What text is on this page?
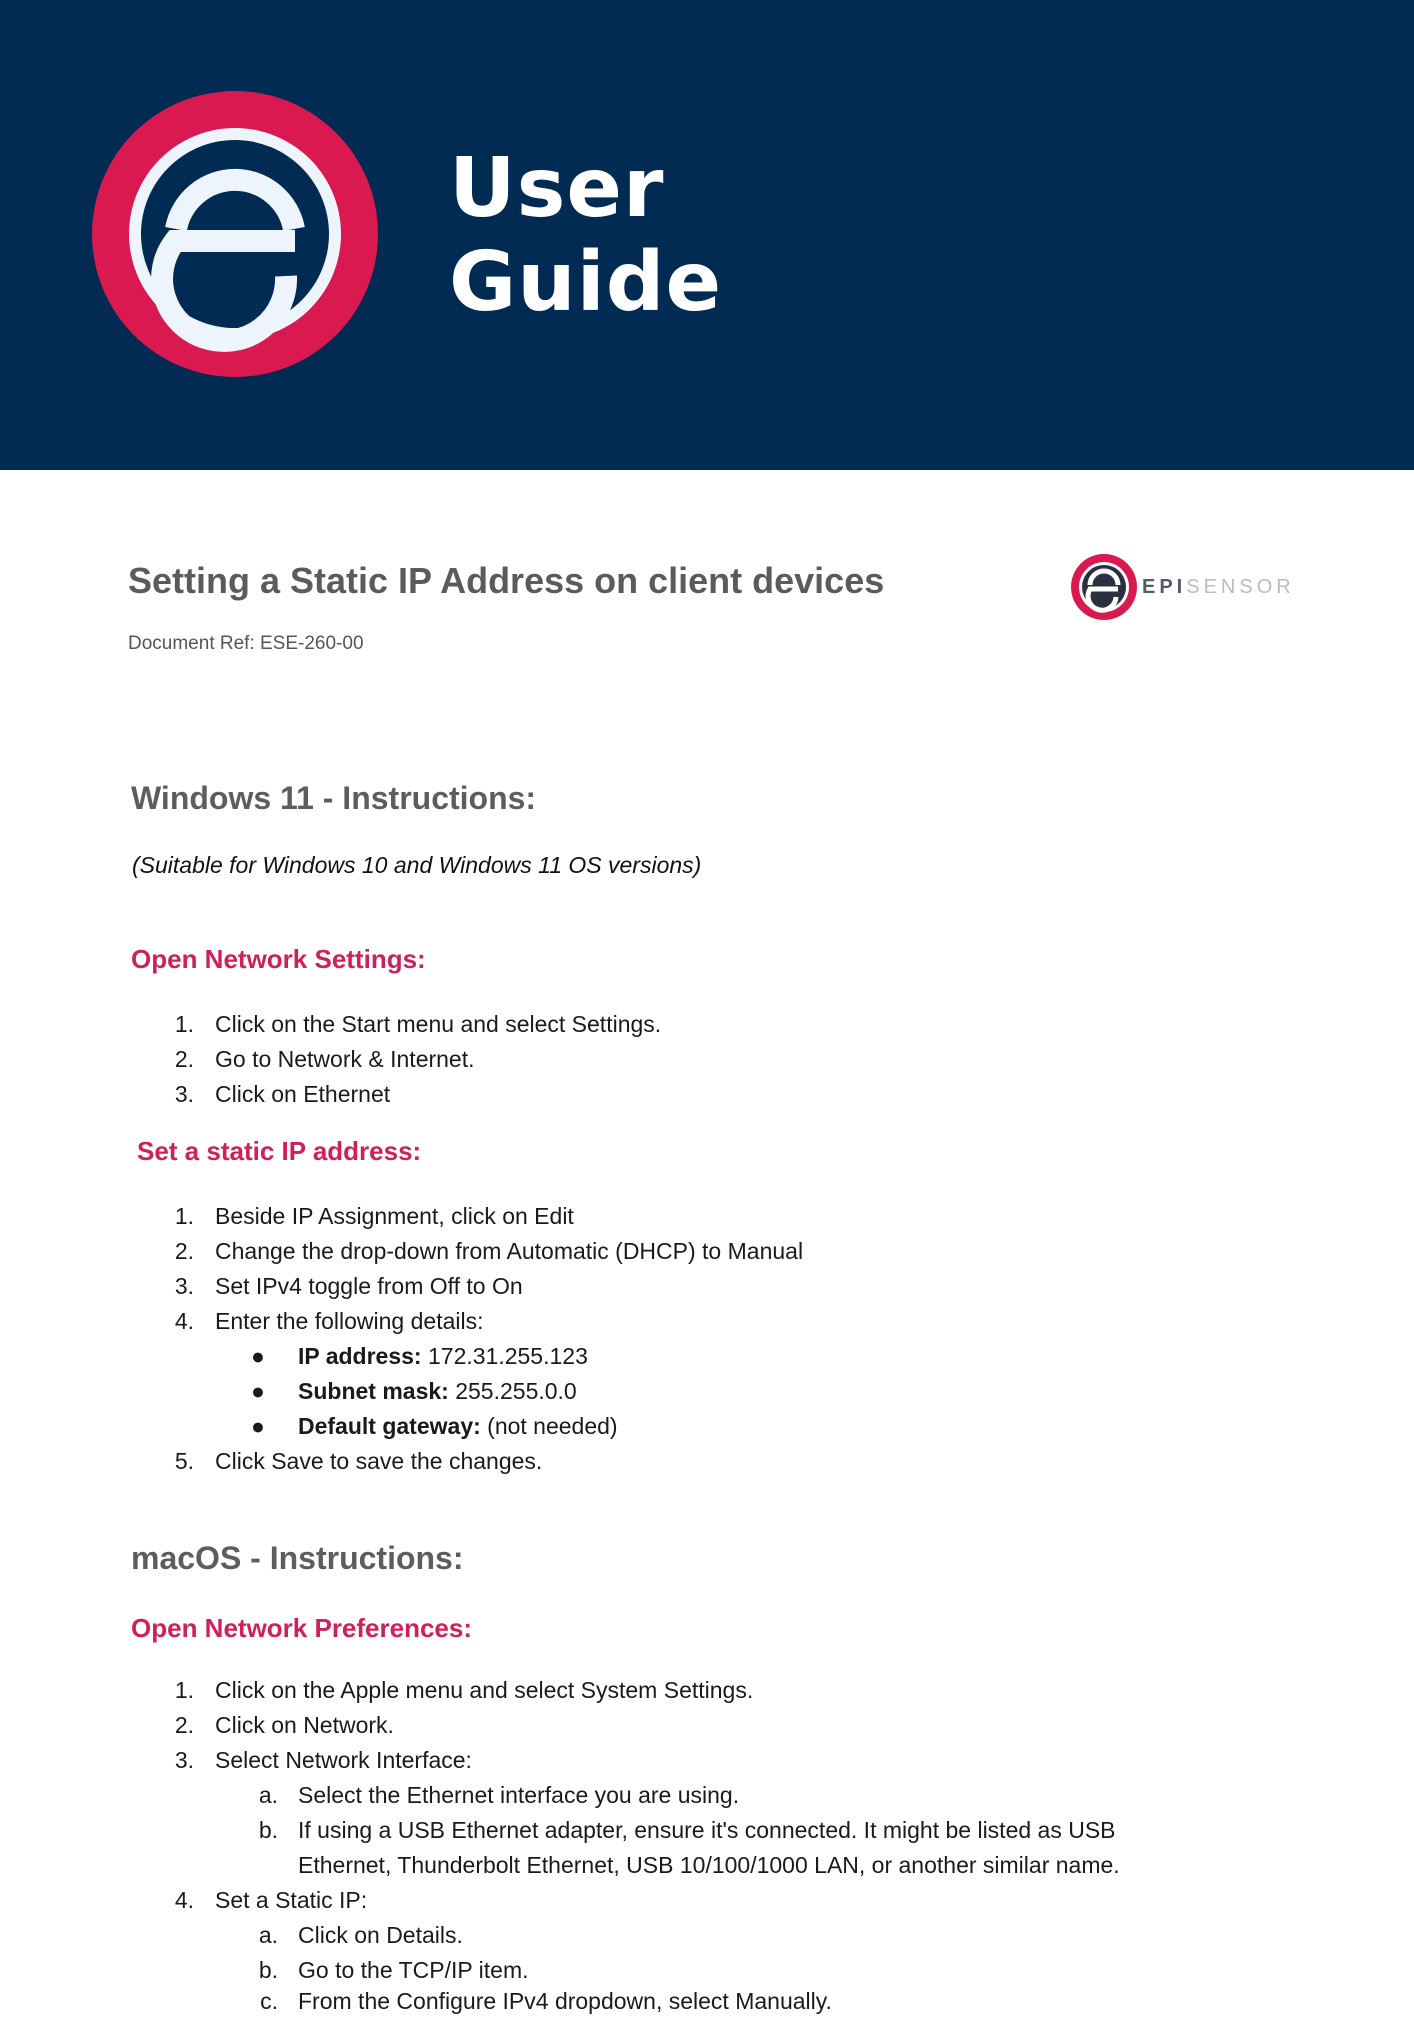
User
Guide
Setting a Static IP Address on client devices
Document Ref: ESE-260-00
EPISENSOR
Windows 11 - Instructions:
(Suitable for Windows 10 and Windows 11 OS versions)
Open Network Settings:
1. Click on the Start menu and select Settings.
2. Go to Network & Internet.
3. Click on Ethernet
Set a static IP address:
1. Beside IP Assignment, click on Edit
2. Change the drop-down from Automatic (DHCP) to Manual
3. Set IPv4 toggle from Off to On
4. Enter the following details:
● IP address: 172.31.255.123
● Subnet mask: 255.255.0.0
● Default gateway: (not needed)
5. Click Save to save the changes.
macOS - Instructions:
Open Network Preferences:
1. Click on the Apple menu and select System Settings.
2. Click on Network.
3. Select Network Interface:
a. Select the Ethernet interface you are using.
b. If using a USB Ethernet adapter, ensure it's connected. It might be listed as USB
Ethernet, Thunderbolt Ethernet, USB 10/100/1000 LAN, or another similar name.
4. Set a Static IP:
a. Click on Details.
b. Go to the TCP/IP item.
c. From the Configure IPv4 dropdown, select Manually.
